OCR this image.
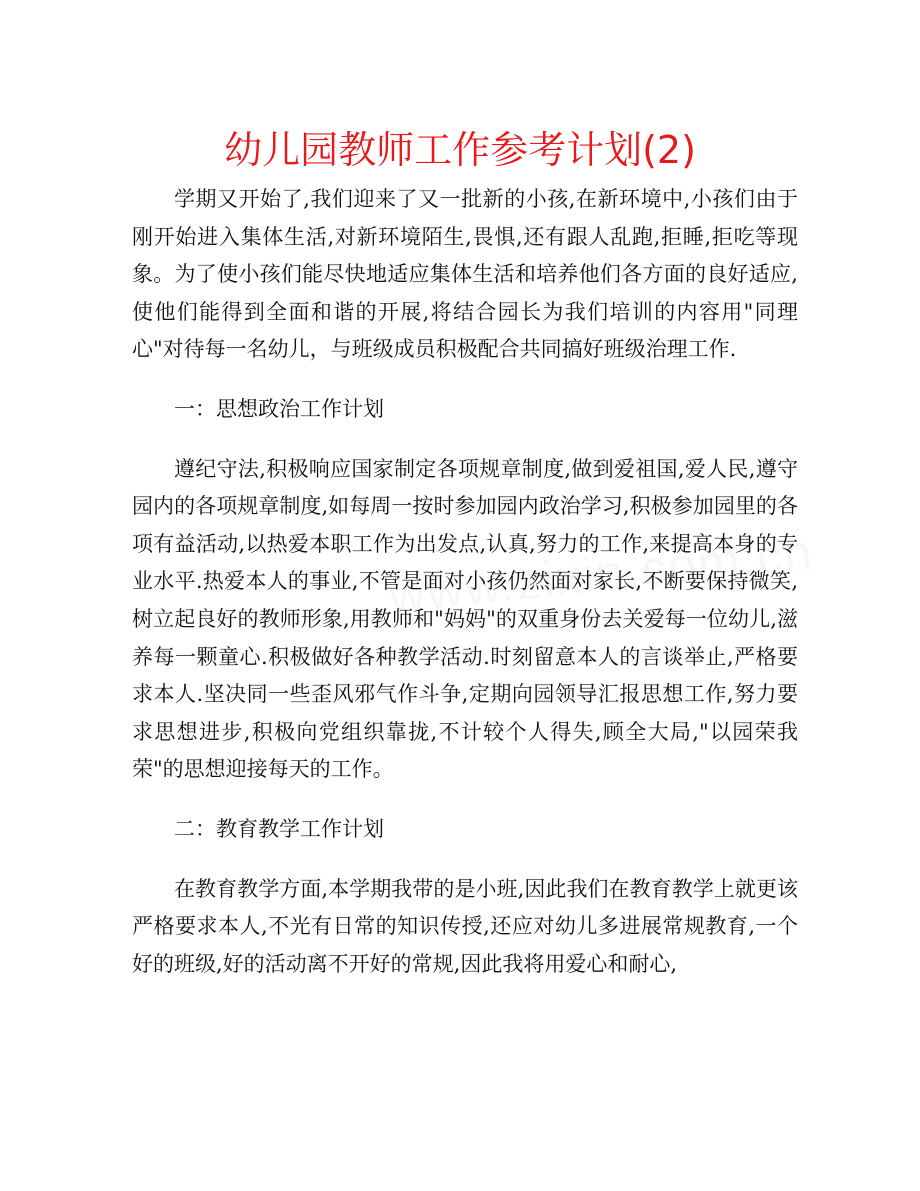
幼儿园教师工作参考计划(2)

学期又开始了,我们迎来了又一批新的小孩,在新环境中,小孩们由于刚开始进入集体生活,对新环境陌生,畏惧,还有跟人乱跑,拒睡,拒吃等现象。为了使小孩们能尽快地适应集体生活和培养他们各方面的良好适应,使他们能得到全面和谐的开展,将结合园长为我们培训的内容用"同理心"对待每一名幼儿，与班级成员积极配合共同搞好班级治理工作.

一：思想政治工作计划

遵纪守法,积极响应国家制定各项规章制度,做到爱祖国,爱人民,遵守园内的各项规章制度,如每周一按时参加园内政治学习,积极参加园里的各项有益活动,以热爱本职工作为出发点,认真,努力的工作,来提高本身的专业水平.热爱本人的事业,不管是面对小孩仍然面对家长,不断要保持微笑,树立起良好的教师形象,用教师和"妈妈"的双重身份去关爱每一位幼儿,滋养每一颗童心.积极做好各种教学活动.时刻留意本人的言谈举止,严格要求本人.坚决同一些歪风邪气作斗争,定期向园领导汇报思想工作,努力要求思想进步,积极向党组织靠拢,不计较个人得失,顾全大局,"以园荣我荣"的思想迎接每天的工作。

二：教育教学工作计划

在教育教学方面,本学期我带的是小班,因此我们在教育教学上就更该严格要求本人,不光有日常的知识传授,还应对幼儿多进展常规教育,一个好的班级,好的活动离不开好的常规,因此我将用爱心和耐心,
